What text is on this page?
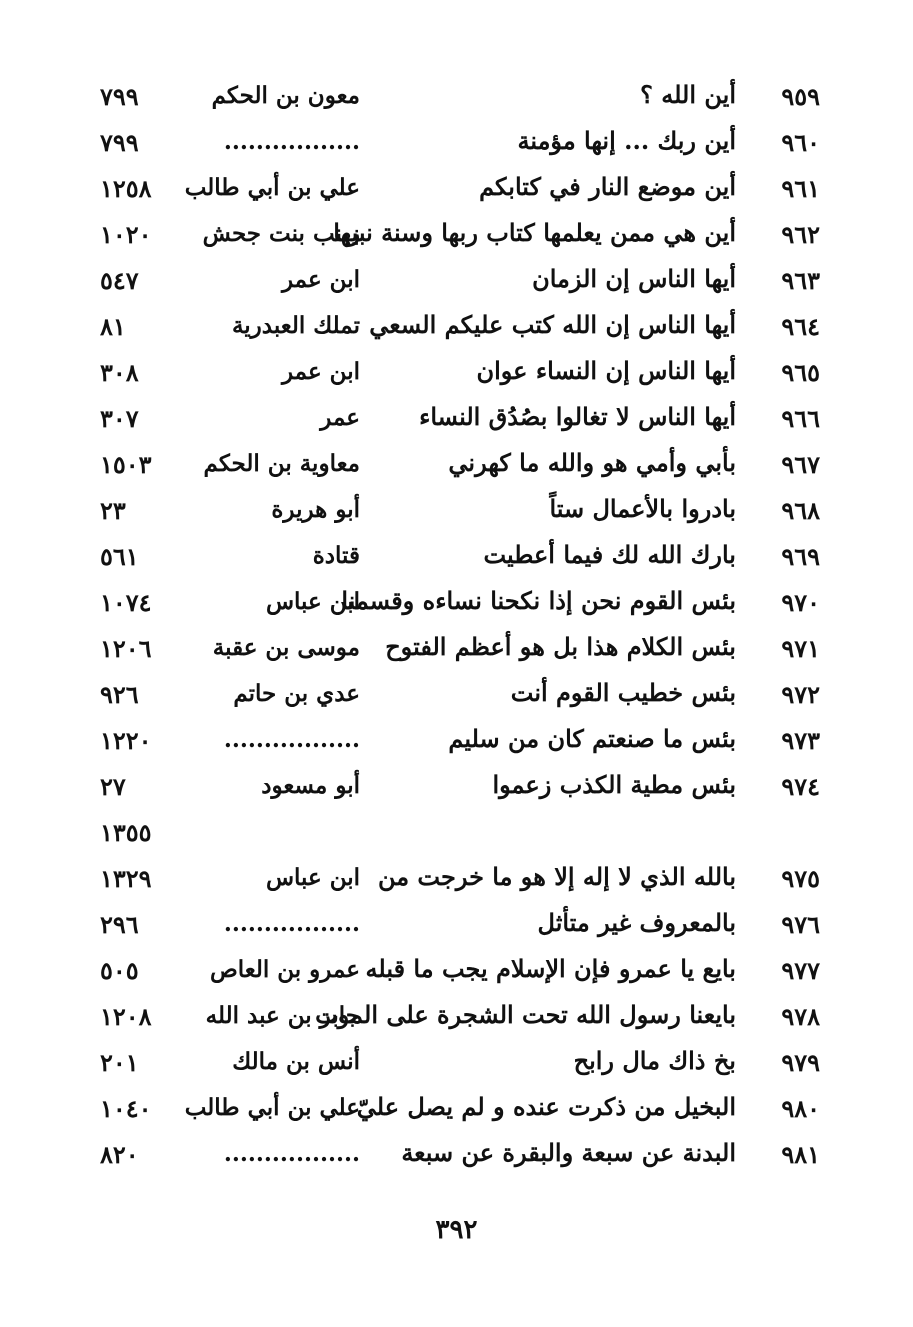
٩٥٩
أين الله ؟
معون بن الحكم
٧٩٩
٩٦٠
أين ربك ... إنها مؤمنة
.................
٧٩٩
٩٦١
أين موضع النار في كتابكم
علي بن أبي طالب
١٢٥٨
٩٦٢
أين هي ممن يعلمها كتاب ربها وسنة نبيها
زينب بنت جحش
١٠٢٠
٩٦٣
أيها الناس إن الزمان
ابن عمر
٥٤٧
٩٦٤
أيها الناس إن الله كتب عليكم السعي
تملك العبدرية
٨١
٩٦٥
أيها الناس إن النساء عوان
ابن عمر
٣٠٨
٩٦٦
أيها الناس لا تغالوا بصُدُق النساء
عمر
٣٠٧
٩٦٧
بأبي وأمي هو والله ما كهرني
معاوية بن الحكم
١٥٠٣
٩٦٨
بادروا بالأعمال ستاً
أبو هريرة
٢٣
٩٦٩
بارك الله لك فيما أعطيت
قتادة
٥٦١
٩٧٠
بئس القوم نحن إذا نكحنا نساءه وقسمنا
ابن عباس
١٠٧٤
٩٧١
بئس الكلام هذا بل هو أعظم الفتوح
موسى بن عقبة
١٢٠٦
٩٧٢
بئس خطيب القوم أنت
عدي بن حاتم
٩٢٦
٩٧٣
بئس ما صنعتم كان من سليم
.................
١٢٢٠
٩٧٤
بئس مطية الكذب زعموا
أبو مسعود
٢٧
١٣٥٥
٩٧٥
بالله الذي لا إله إلا هو ما خرجت من
ابن عباس
١٣٢٩
٩٧٦
بالمعروف غير متأثل
.................
٢٩٦
٩٧٧
بايع يا عمرو فإن الإسلام يجب ما قبله
عمرو بن العاص
٥٠٥
٩٧٨
بايعنا رسول الله تحت الشجرة على الموت
جابر بن عبد الله
١٢٠٨
٩٧٩
بخ ذاك مال رابح
أنس بن مالك
٢٠١
٩٨٠
البخيل من ذكرت عنده و لم يصل عليّ
علي بن أبي طالب
١٠٤٠
٩٨١
البدنة عن سبعة والبقرة عن سبعة
.................
٨٢٠
٣٩٢
